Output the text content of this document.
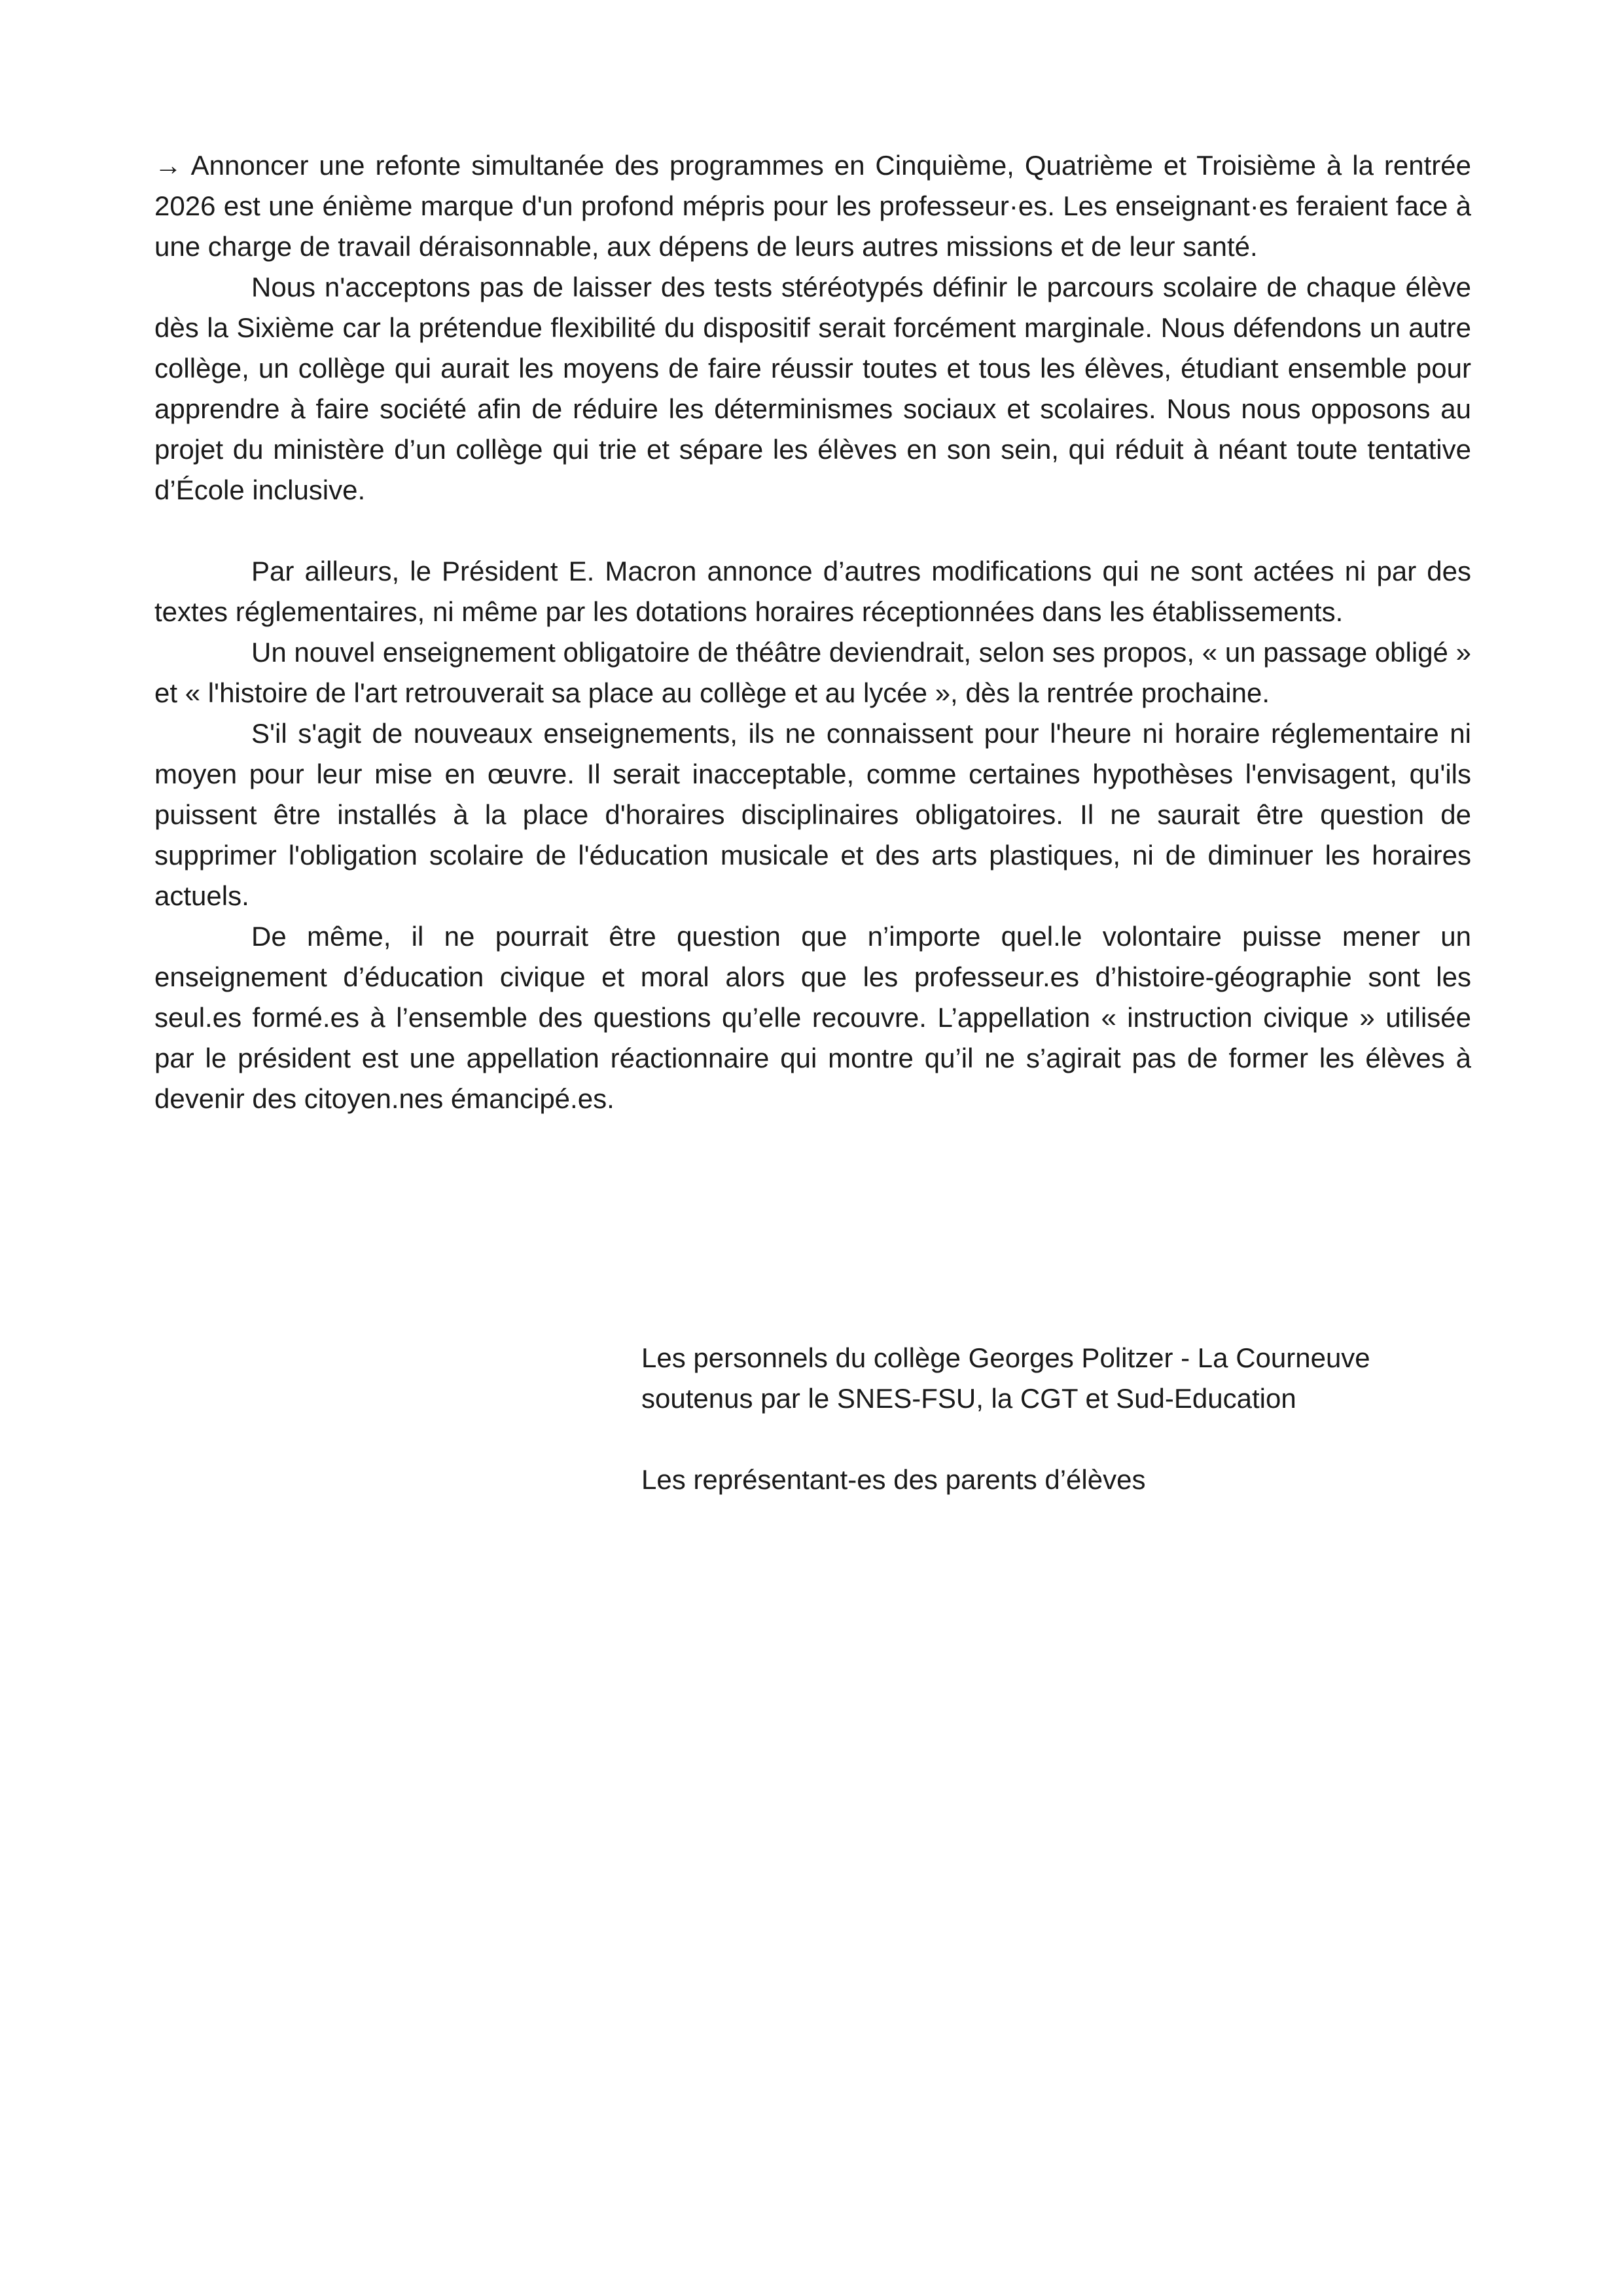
→ Annoncer une refonte simultanée des programmes en Cinquième, Quatrième et Troisième à la rentrée 2026 est une énième marque d'un profond mépris pour les professeur·es. Les enseignant·es feraient face à une charge de travail déraisonnable, aux dépens de leurs autres missions et de leur santé.

Nous n'acceptons pas de laisser des tests stéréotypés définir le parcours scolaire de chaque élève dès la Sixième car la prétendue flexibilité du dispositif serait forcément marginale. Nous défendons un autre collège, un collège qui aurait les moyens de faire réussir toutes et tous les élèves, étudiant ensemble pour apprendre à faire société afin de réduire les déterminismes sociaux et scolaires. Nous nous opposons au projet du ministère d’un collège qui trie et sépare les élèves en son sein, qui réduit à néant toute tentative d’École inclusive.

Par ailleurs, le Président E. Macron annonce d’autres modifications qui ne sont actées ni par des textes réglementaires, ni même par les dotations horaires réceptionnées dans les établissements.

Un nouvel enseignement obligatoire de théâtre deviendrait, selon ses propos, « un passage obligé » et « l'histoire de l'art retrouverait sa place au collège et au lycée », dès la rentrée prochaine.

S'il s'agit de nouveaux enseignements, ils ne connaissent pour l'heure ni horaire réglementaire ni moyen pour leur mise en œuvre. Il serait inacceptable, comme certaines hypothèses l'envisagent, qu'ils puissent être installés à la place d'horaires disciplinaires obligatoires. Il ne saurait être question de supprimer l'obligation scolaire de l'éducation musicale et des arts plastiques, ni de diminuer les horaires actuels.

De même, il ne pourrait être question que n’importe quel.le volontaire puisse mener un enseignement d’éducation civique et moral alors que les professeur.es d’histoire-géographie sont les seul.es formé.es à l’ensemble des questions qu’elle recouvre. L’appellation « instruction civique » utilisée par le président est une appellation réactionnaire qui montre qu’il ne s’agirait pas de former les élèves à devenir des citoyen.nes émancipé.es.

Les personnels du collège Georges Politzer - La Courneuve

soutenus par le SNES-FSU, la CGT et Sud-Education

Les représentant-es des parents d’élèves
